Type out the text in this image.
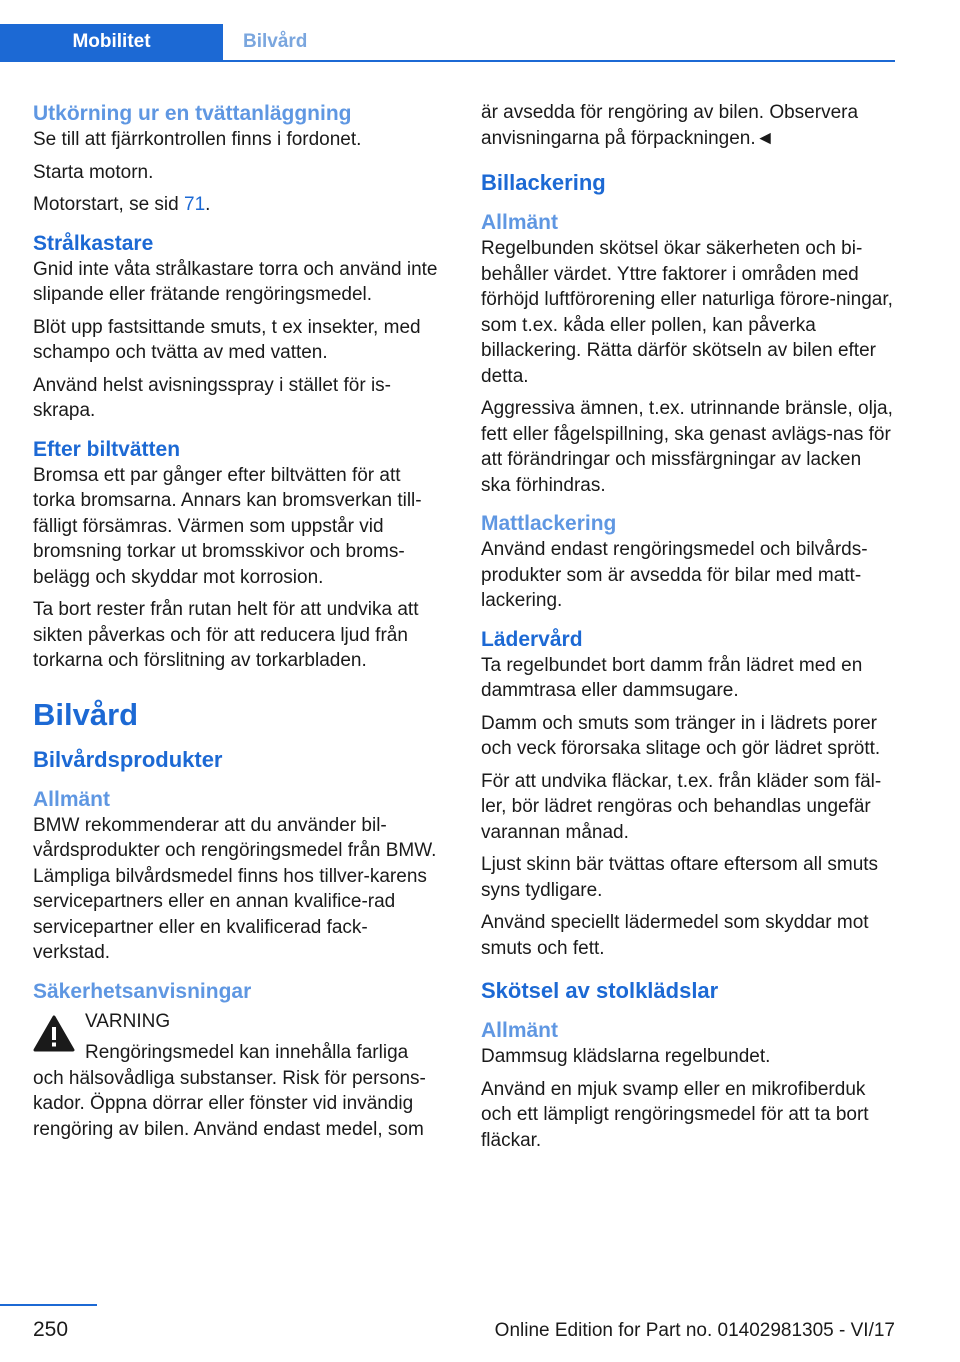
Mobilitet	Bilvård
Utkörning ur en tvättanläggning

Se till att fjärrkontrollen finns i fordonet.

Starta motorn.

Motorstart, se sid 71.

Strålkastare

Gnid inte våta strålkastare torra och använd inte slipande eller frätande rengöringsmedel.

Blöt upp fastsittande smuts, t ex insekter, med schampo och tvätta av med vatten.

Använd helst avisningsspray i stället för is-skrapa.

Efter biltvätten

Bromsa ett par gånger efter biltvätten för att torka bromsarna. Annars kan bromsverkan till-fälligt försämras. Värmen som uppstår vid bromsning torkar ut bromsskivor och broms-belägg och skyddar mot korrosion.

Ta bort rester från rutan helt för att undvika att sikten påverkas och för att reducera ljud från torkarna och förslitning av torkarbladen.

Bilvård
Bilvårdsprodukter
Allmänt

BMW rekommenderar att du använder bil-vårdsprodukter och rengöringsmedel från BMW. Lämpliga bilvårdsmedel finns hos tillver-karens servicepartners eller en annan kvalifice-rad servicepartner eller en kvalificerad fack-verkstad.

Säkerhetsanvisningar

VARNING

Rengöringsmedel kan innehålla farliga

och hälsovådliga substanser. Risk för persons-kador. Öppna dörrar eller fönster vid invändig rengöring av bilen. Använd endast medel, som

är avsedda för rengöring av bilen. Observera anvisningarna på förpackningen.◄

Billackering
Allmänt

Regelbunden skötsel ökar säkerheten och bi-behåller värdet. Yttre faktorer i områden med förhöjd luftförorening eller naturliga förore-ningar, som t.ex. kåda eller pollen, kan påverka billackering. Rätta därför skötseln av bilen efter detta.

Aggressiva ämnen, t.ex. utrinnande bränsle, olja, fett eller fågelspillning, ska genast avlägs-nas för att förändringar och missfärgningar av lacken ska förhindras.

Mattlackering

Använd endast rengöringsmedel och bilvårds-produkter som är avsedda för bilar med matt-lackering.

Lädervård

Ta regelbundet bort damm från lädret med en dammtrasa eller dammsugare.

Damm och smuts som tränger in i lädrets porer och veck förorsaka slitage och gör lädret sprött.

För att undvika fläckar, t.ex. från kläder som fäl-ler, bör lädret rengöras och behandlas ungefär varannan månad.

Ljust skinn bär tvättas oftare eftersom all smuts syns tydligare.

Använd speciellt lädermedel som skyddar mot smuts och fett.

Skötsel av stolklädslar
Allmänt

Dammsug klädslarna regelbundet.

Använd en mjuk svamp eller en mikrofiberduk och ett lämpligt rengöringsmedel för att ta bort fläckar.

250	Online Edition for Part no. 01402981305 - VI/17
